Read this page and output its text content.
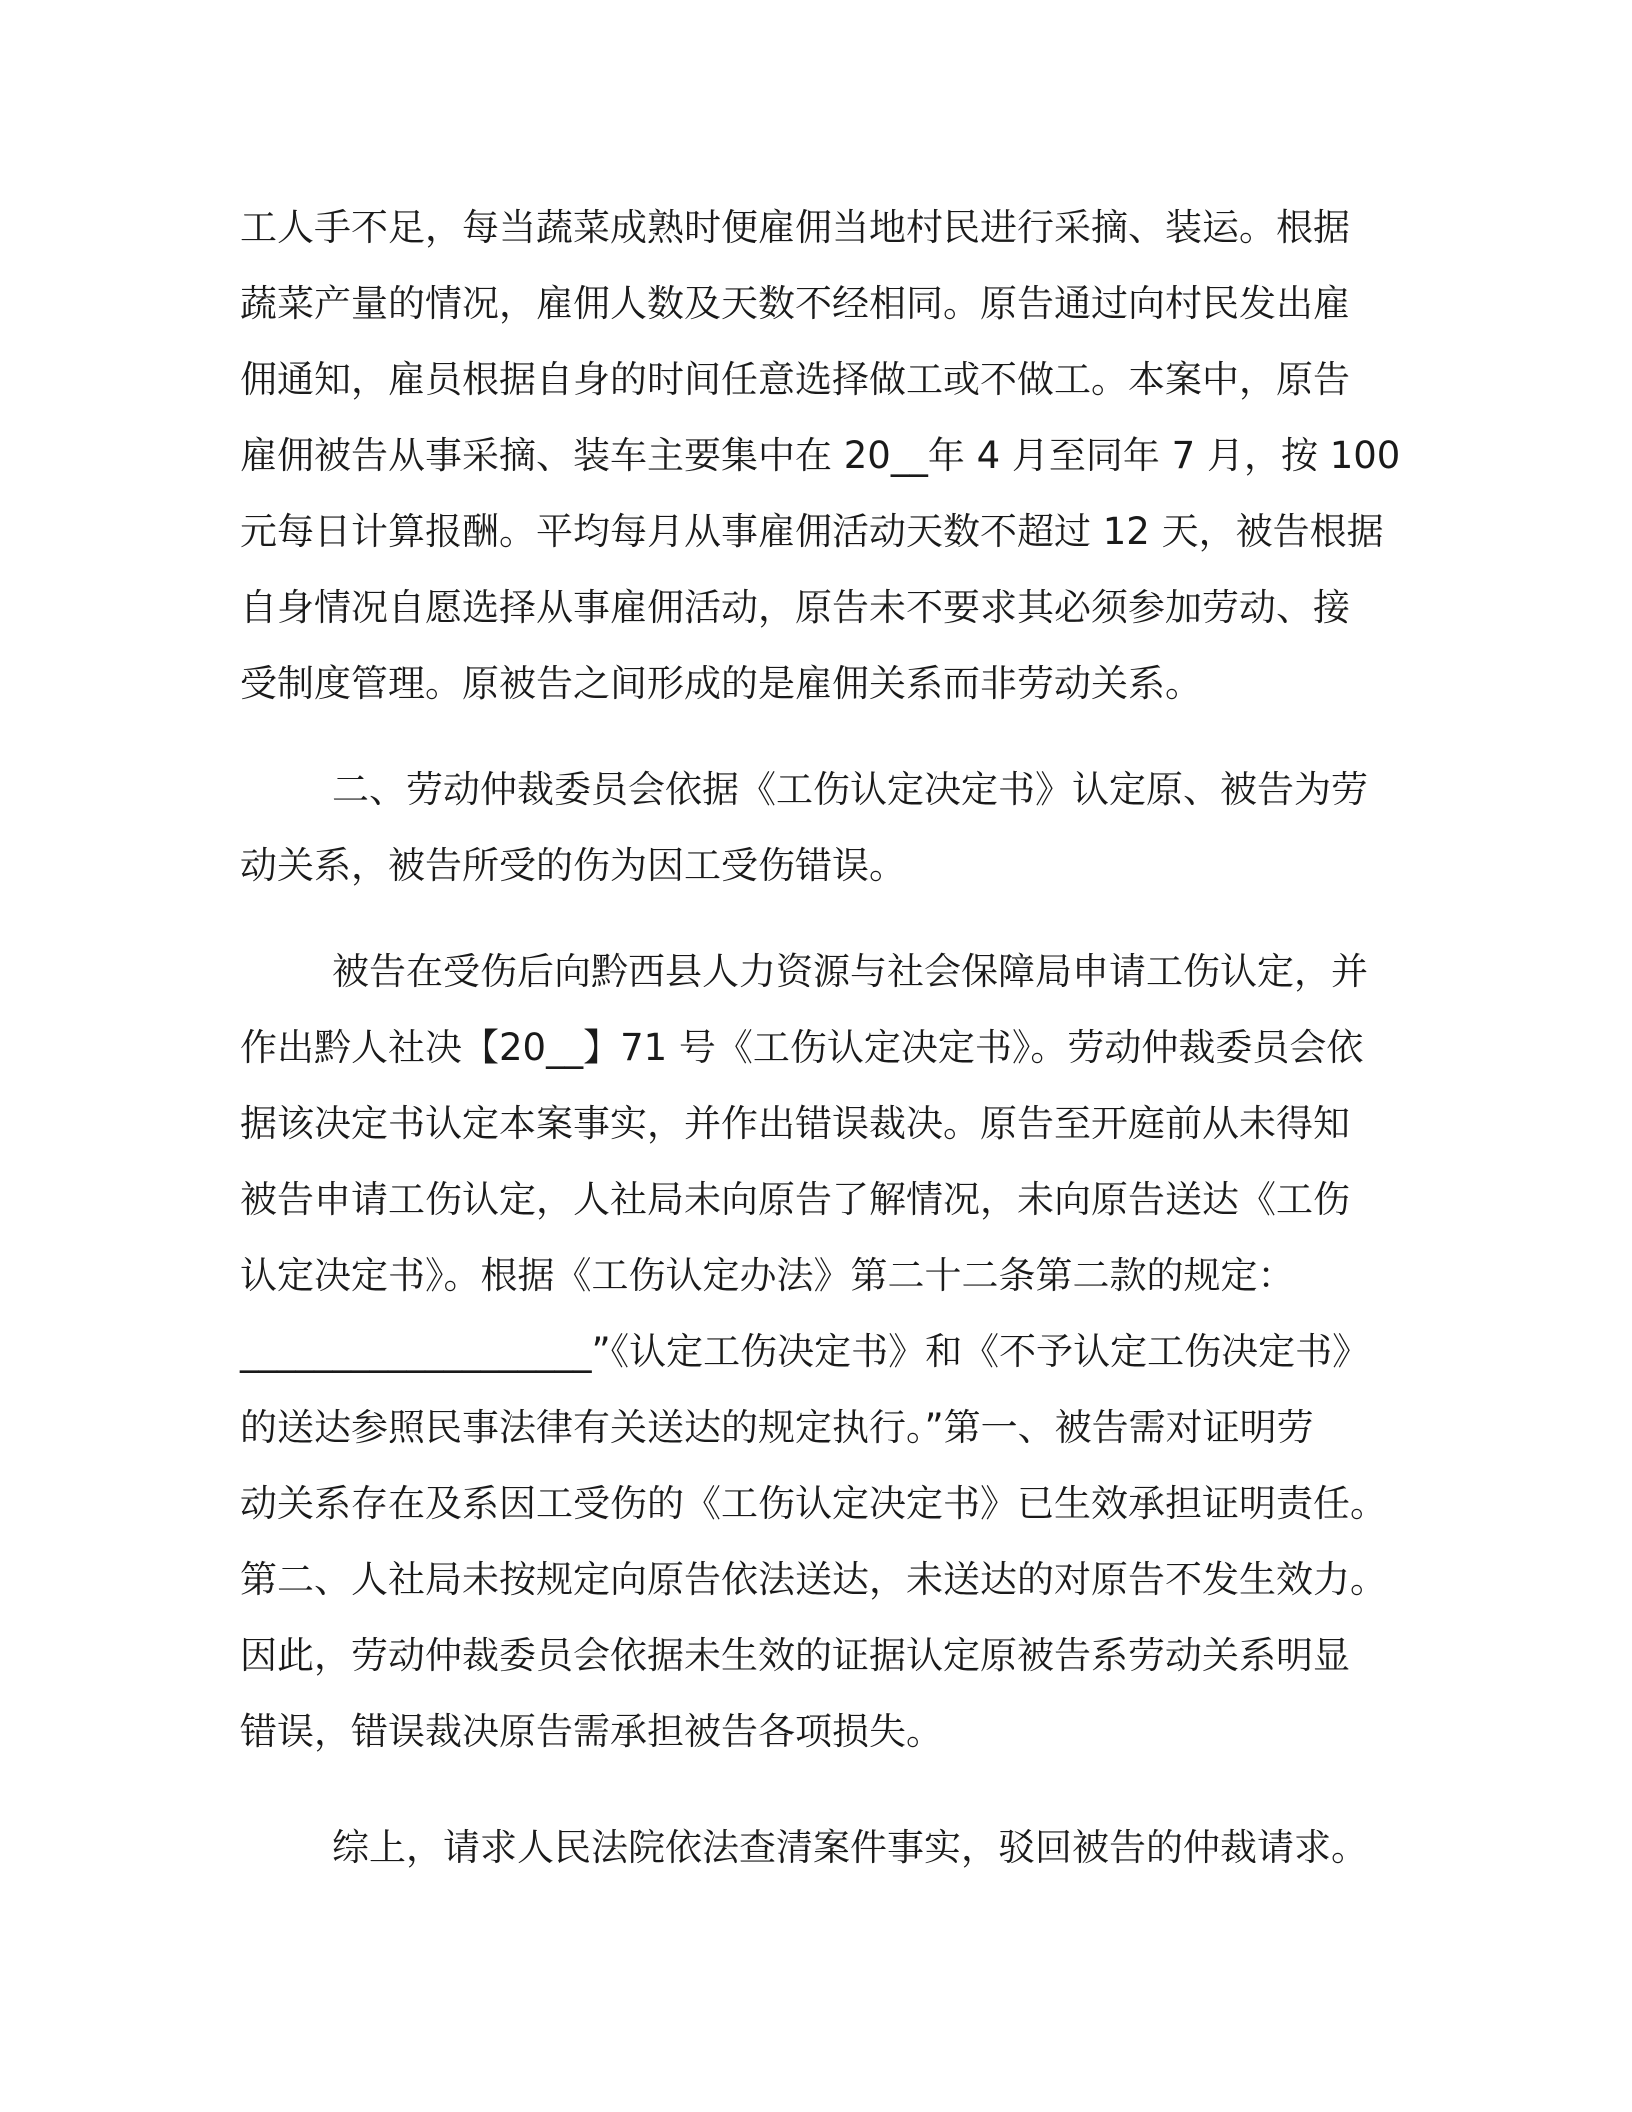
工人手不足，每当蔬菜成熟时便雇佣当地村民进行采摘、装运。根据
蔬菜产量的情况，雇佣人数及天数不经相同。原告通过向村民发出雇
佣通知，雇员根据自身的时间任意选择做工或不做工。本案中，原告
雇佣被告从事采摘、装车主要集中在 20__年 4 月至同年 7 月，按 100
元每日计算报酬。平均每月从事雇佣活动天数不超过 12 天，被告根据
自身情况自愿选择从事雇佣活动，原告未不要求其必须参加劳动、接
受制度管理。原被告之间形成的是雇佣关系而非劳动关系。
二、劳动仲裁委员会依据《工伤认定决定书》认定原、被告为劳
动关系，被告所受的伤为因工受伤错误。
被告在受伤后向黔西县人力资源与社会保障局申请工伤认定，并
作出黔人社决【20__】71 号《工伤认定决定书》。劳动仲裁委员会依
据该决定书认定本案事实，并作出错误裁决。原告至开庭前从未得知
被告申请工伤认定，人社局未向原告了解情况，未向原告送达《工伤
认定决定书》。根据《工伤认定办法》第二十二条第二款的规定：
___________________”《认定工伤决定书》和《不予认定工伤决定书》
的送达参照民事法律有关送达的规定执行。”第一、被告需对证明劳
动关系存在及系因工受伤的《工伤认定决定书》已生效承担证明责任。
第二、人社局未按规定向原告依法送达，未送达的对原告不发生效力。
因此，劳动仲裁委员会依据未生效的证据认定原被告系劳动关系明显
错误，错误裁决原告需承担被告各项损失。
综上，请求人民法院依法查清案件事实，驳回被告的仲裁请求。
